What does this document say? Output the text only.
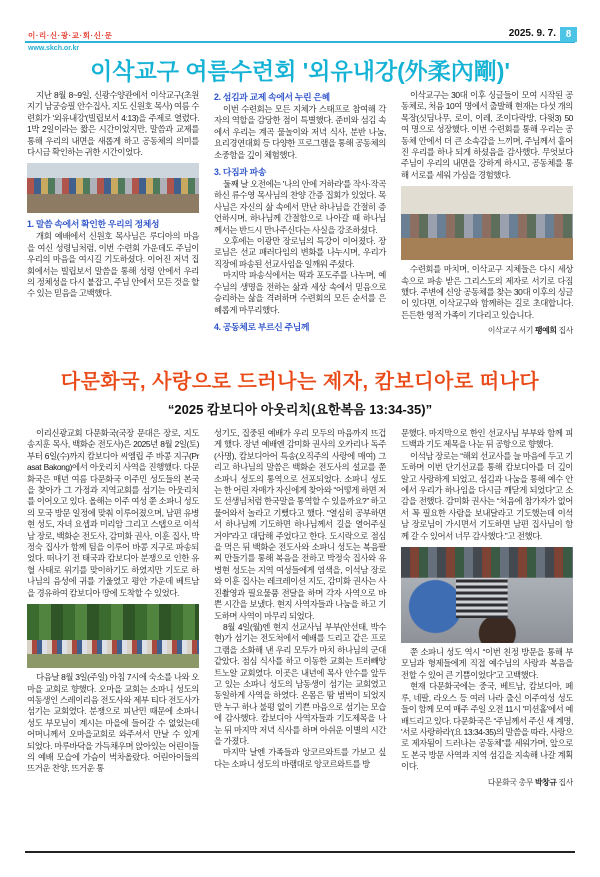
이·리·신·광·교·회·신·문
www.skch.or.kr
2025. 9. 7. 8
이삭교구 여름수련회 '외유내강(外柔內剛)'

지난 8월 8~9일, 신광수양관에서 이삭교구(초원지기 남궁승필 안수집사, 지도 신원호 목사) 여름 수련회가 '외유내강'(빌립보서 4:13)을 주제로 열렸다. 1박 2일이라는 짧은 시간이었지만, 말씀과 교제를 통해 우리의 내면을 새롭게 하고 공동체의 의미를 다시금 확인하는 귀한 시간이었다.

1. 말씀 속에서 확인한 우리의 정체성

개회 예배에서 신원호 목사님은 루디아의 마음을 여신 성령님처럼, 이번 수련회 가운데도 주님이 우리의 마음을 여시길 기도하셨다. 이어진 저녁 집회에서는 빌립보서 말씀을 통해 성령 안에서 우리의 정체성을 다시 붙잡고, 주님 안에서 모든 것을 할 수 있는 믿음을 고백했다.

2. 섬김과 교제 속에서 누린 은혜

이번 수련회는 모든 지체가 스태프로 참여해 각자의 역할을 감당한 점이 특별했다. 준비와 섬김 속에서 우리는 계곡 물놀이와 저녁 식사, 분반 나눔, 요리경연대회 등 다양한 프로그램을 통해 공동체의 소중함을 깊이 체험했다.

3. 다짐과 파송

둘째 날 오전에는 '나의 안에 거하라'를 작사·작곡하신 류수영 목사님의 찬양 간증 집회가 있었다. 목사님은 자신의 삶 속에서 만난 하나님을 간절히 증언하시며, 하나님께 간절함으로 나아갈 때 하나님께서는 반드시 만나주신다는 사실을 강조하셨다.

오후에는 이광만 장로님의 특강이 이어졌다. 장로님은 선교 패러다임의 변화를 나누시며, 우리가 직장에 파송된 선교사임을 일깨워 주셨다.

마지막 파송식에서는 떡과 포도주를 나누며, 예수님의 생명을 전하는 삶과 세상 속에서 믿음으로 승리하는 삶을 격려하며 수련회의 모든 순서를 은혜롭게 마무리했다.

4. 공동체로 부르신 주님께

이삭교구는 30대 이후 싱글들이 모여 시작된 공동체로, 처음 10여 명에서 출발해 현재는 다섯 개의 목장(싯딤나무, 로이, 이레, 조이다락방, 다윗3) 50여 명으로 성장했다. 이번 수련회를 통해 우리는 공동체 안에서 더 큰 소속감을 느끼며, 주님께서 흩어진 우리를 하나 되게 하셨음을 감사했다. 무엇보다 주님이 우리의 내면을 강하게 하시고, 공동체를 통해 서로를 세워 가심을 경험했다.

수련회를 마치며, 이삭교구 지체들은 다시 세상 속으로 파송 받은 그리스도의 제자로 서기로 다짐했다. 주변에 신앙 공동체를 찾는 30대 이후의 싱글이 있다면, 이삭교구와 함께하는 길로 초대합니다. 든든한 영적 가족이 기다리고 있습니다.

이삭교구 서기 팽예희 집사
다문화국, 사랑으로 드러나는 제자, 캄보디아로 떠나다
“2025 캄보디아 아웃리치(요한복음 13:34-35)”

이리신광교회 다문화국(국장 문대은 장로, 지도 송지훈 목사, 백화순 전도사)은 2025년 8월 2일(토)부터 6일(수)까지 캄보디아 씨엠립 주 바콩 지구(Prasat Bakong)에서 아웃리치 사역을 진행했다. 다문화국은 매년 여름 다문화국 이주민 성도들의 본국을 찾아가 그 가정과 지역교회를 섬기는 아웃리치를 이어오고 있다. 올해는 이주 여성 쭌 소파니 성도의 모국 방문 일정에 맞춰 이루어졌으며, 남편 유병현 성도, 자녀 요셉과 미리암 그리고 스탭으로 이석남 장로, 백화순 전도사, 감미화 권사, 이훈 집사, 박정숙 집사가 함께 팀을 이루어 바콩 지구로 파송되었다. 떠나기 전 태국과 캄보디아 분쟁으로 인한 유혈 사태로 위기를 맞이하기도 하였지만 기도로 하나님의 음성에 귀를 기울였고 평안 가운데 베트남을 경유하여 캄보디아 땅에 도착할 수 있었다.

다음날 8월 3일(주일) 아침 7시에 숙소를 나와 오마을 교회로 향했다. 오마을 교회는 소파니 성도의 여동생인 스레이리음 전도사와 제부 티다 전도사가 섬기는 교회였다. 분쟁으로 피난민 때문에 소파니 성도 부모님이 계시는 마을에 들어갈 수 없었는데 어머니께서 오마을교회로 와주셔서 만날 수 있게 되었다. 마루바닥을 가득채우며 앉아있는 어린이들의 예배 모습에 가슴이 벅차올랐다. 어린아이들의 뜨거운 찬양, 뜨거운 통

성기도, 집중된 예배가 우리 모두의 마음까지 뜨겁게 했다. 장년 예배엔 감미화 권사의 오카리나 독주(사명), 캄보디아어 특송(오직주의 사랑에 매여) 그리고 하나님의 말씀은 백화순 전도사의 설교를 쭌소파니 성도의 통역으로 선포되었다. 소파니 성도는 한 어린 자매가 자신에게 찾아와 “어떻게 하면 저도 선생님처럼 한국말을 통역할 수 있을까요?” 하고 물어와서 놀라고 기뻤다고 했다. “열심히 공부하면서 하나님께 기도하면 하나님께서 길을 열어주실 거야”라고 대답해 주었다고 한다. 도시락으로 점심을 먹은 뒤 백화순 전도사와 소파니 성도는 복음팔찌 만들기를 통해 복음을 전하고 박정숙 집사와 유병현 성도는 지역 여성들에게 염색을, 이석남 장로와 이훈 집사는 레크레이션 지도, 감미화 권사는 사진촬영과 필요물품 전달을 하며 각자 사역으로 바쁜 시간을 보냈다. 현지 사역자들과 나눔을 하고 기도하며 사역이 마무리 되었다.

8월 4일(월)엔 현지 선교사님 부부(안선태, 박수현)가 섬기는 전도처에서 예배를 드리고 같은 프로그램을 소화해 낸 우리 모두가 마치 하나님의 군대 같았다. 점심 식사를 하고 이동한 교회는 트러빼앙 트노알 교회였다. 이곳은 내년에 목사 안수를 앞두고 있는 소파니 성도의 남동생이 섬기는 교회였고 동일하게 사역을 하였다. 온몸은 땀 범벅이 되었지만 누구 하나 불평 없이 기쁜 마음으로 섬기는 모습에 감사했다. 캄보디아 사역자들과 기도제목을 나눈 뒤 마지막 저녁 식사를 하며 아쉬운 이별의 시간을 가졌다.

마지막 날엔 가족들과 앙코르와트를 가보고 싶다는 소파니 성도의 바램대로 앙코르와트를 방

문했다. 마지막으로 한인 선교사님 부부와 함께 피드백과 기도 제목을 나눈 뒤 공항으로 향했다.

이석남 장로는 “해외 선교사를 늘 마음에 두고 기도하며 이번 단기선교를 통해 캄보디아를 더 깊이 알고 사랑하게 되었고, 섬김과 나눔을 통해 예수 안에서 우리가 하나임을 다시금 깨닫게 되었다”고 소감을 전했다. 감미화 권사는 “처음에 참가자가 없어서 꼭 필요한 사람을 보내달라고 기도했는데 이석남 장로님이 가시면서 기도하면 남편 집사님이 함께 갈 수 있어서 너무 감사했다.”고 전했다.

쭌 소파니 성도 역시 “이번 친정 방문을 통해 부모님과 형제들에게 직접 예수님의 사랑과 복음을 전할 수 있어 큰 기쁨이었다”고 고백했다.

현재 다문화국에는 중국, 베트남, 캄보디아, 페루, 네팔, 라오스 등 여러 나라 출신 이주여성 성도들이 함께 모여 매주 주일 오전 11시 '미션홀'에서 예배드리고 있다. 다문화국은 “주님께서 주신 새 계명, '서로 사랑하라'(요 13:34-35)의 말씀을 따라, 사랑으로 제자됨이 드러나는 공동체”를 세워가며, 앞으로도 본국 방문 사역과 지역 섬김을 지속해 나갈 계획이다.

다문화국 총무 박창규 집사
